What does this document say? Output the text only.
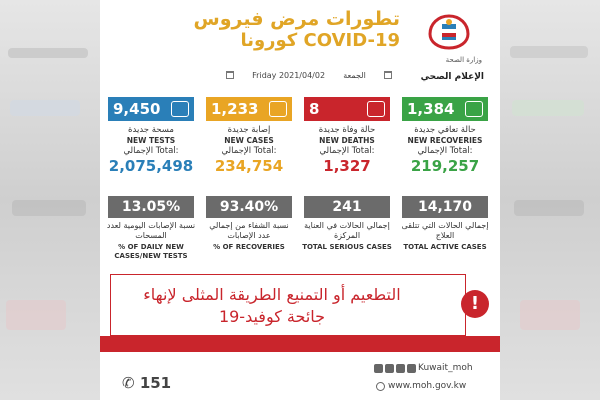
تطورات مرض فيروس
كورونا COVID-19
وزارة الصحة
الإعلام الصحي
Friday 2021/04/02 الجمعة
9,450
مسحة جديدة
NEW TESTS
الإجمالي Total:
2,075,498
1,233
إصابة جديدة
NEW CASES
الإجمالي Total:
234,754
8
حالة وفاة جديدة
NEW DEATHS
الإجمالي Total:
1,327
1,384
حالة تعافي جديدة
NEW RECOVERIES
الإجمالي Total:
219,257
13.05%
نسبة الإصابات اليومية لعدد المسحات
% OF DAILY NEW CASES/NEW TESTS
93.40%
نسبة الشفاء من إجمالي عدد الإصابات
% OF RECOVERIES
241
إجمالي الحالات في العناية المركزة
TOTAL SERIOUS CASES
14,170
إجمالي الحالات التي تتلقى العلاج
TOTAL ACTIVE CASES
التطعيم أو التمنيع الطريقة المثلى لإنهاء
جائحة كوفيد-19
!
Kuwait_moh
www.moh.gov.kw
✆ 151
